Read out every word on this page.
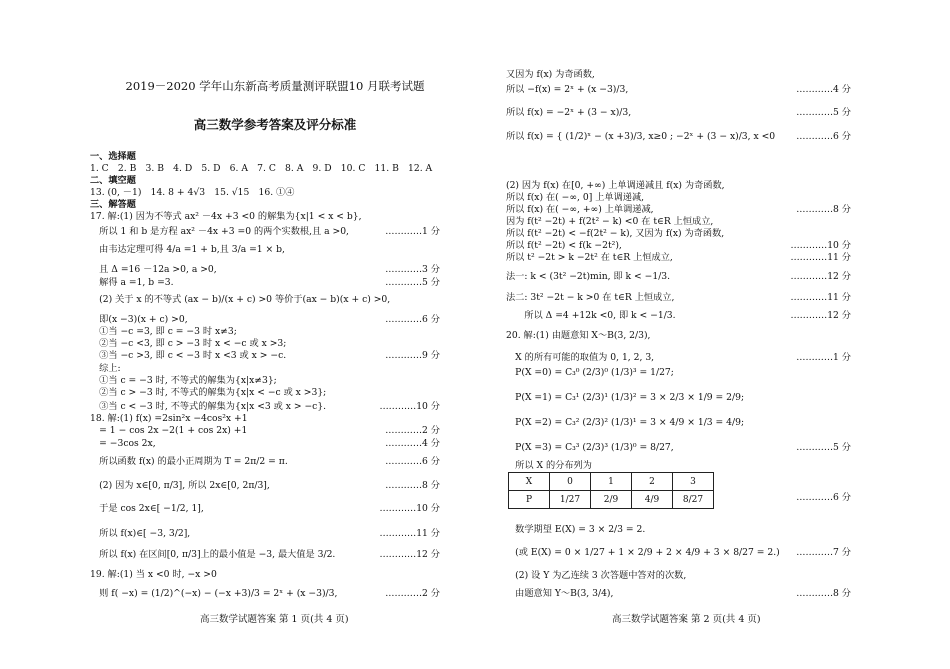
2019－2020 学年山东新高考质量测评联盟10 月联考试题
高三数学参考答案及评分标准
一、选择题
1. C　2. B　3. B　4. D　5. D　6. A　7. C　8. A　9. D　10. C　11. B　12. A
二、填空题
13. (0, －1)　14. 8 + 4√3　15. √15　16. ①④
三、解答题
17. 解:(1) 因为不等式 ax² －4x +3 <0 的解集为{x|1 < x < b},
　所以 1 和 b 是方程 ax² －4x +3 =0 的两个实数根,且 a >0,	…………1 分
　由韦达定理可得 4/a =1 + b,且 3/a =1 × b,
　且 Δ =16 －12a >0, a >0,	…………3 分
　解得 a =1, b =3.	…………5 分
　(2) 关于 x 的不等式 (ax − b)/(x + c) >0 等价于(ax − b)(x + c) >0,
　即(x −3)(x + c) >0,	…………6 分
　①当 −c =3, 即 c = −3 时 x≠3;
　②当 −c <3, 即 c > −3 时 x < −c 或 x >3;
　③当 −c >3, 即 c < −3 时 x <3 或 x > −c.	…………9 分
　综上:
　①当 c = −3 时, 不等式的解集为{x|x≠3};
　②当 c > −3 时, 不等式的解集为{x|x < −c 或 x >3};
　③当 c < −3 时, 不等式的解集为{x|x <3 或 x > −c}.	…………10 分
18. 解:(1) f(x) =2sin²x −4cos²x +1
　= 1 − cos 2x −2(1 + cos 2x) +1	…………2 分
　= −3cos 2x,	…………4 分
　所以函数 f(x) 的最小正周期为 T = 2π/2 = π.	…………6 分
　(2) 因为 x∈[0, π/3], 所以 2x∈[0, 2π/3],	…………8 分
　于是 cos 2x∈[ −1/2, 1],	…………10 分
　所以 f(x)∈[ −3, 3/2],	…………11 分
　所以 f(x) 在区间[0, π/3]上的最小值是 −3, 最大值是 3/2.	…………12 分
19. 解:(1) 当 x <0 时, −x >0
　则 f( −x) = (1/2)^(−x) − (−x +3)/3 = 2ˣ + (x −3)/3,	…………2 分
又因为 f(x) 为奇函数,
所以 −f(x) = 2ˣ + (x −3)/3,	…………4 分
所以 f(x) = −2ˣ + (3 − x)/3,	…………5 分
所以 f(x) = { (1/2)ˣ − (x +3)/3, x≥0 ; −2ˣ + (3 − x)/3, x <0 …………6 分
(2) 因为 f(x) 在[0, +∞) 上单调递减且 f(x) 为奇函数,
所以 f(x) 在( −∞, 0] 上单调递减,
所以 f(x) 在( −∞, +∞) 上单调递减,	…………8 分
因为 f(t² −2t) + f(2t² − k) <0 在 t∈R 上恒成立,
所以 f(t² −2t) < −f(2t² − k), 又因为 f(x) 为奇函数,
所以 f(t² −2t) < f(k −2t²),	…………10 分
所以 t² −2t > k −2t² 在 t∈R 上恒成立,	…………11 分
法一: k < (3t² −2t)min, 即 k < −1/3.	…………12 分
法二: 3t² −2t − k >0 在 t∈R 上恒成立,	…………11 分
　　所以 Δ =4 +12k <0, 即 k < −1/3.	…………12 分
20. 解:(1) 由题意知 X～B(3, 2/3),
　X 的所有可能的取值为 0, 1, 2, 3,	…………1 分
　P(X =0) = C₃⁰ (2/3)⁰ (1/3)³ = 1/27;
　P(X =1) = C₃¹ (2/3)¹ (1/3)² = 3 × 2/3 × 1/9 = 2/9;
　P(X =2) = C₃² (2/3)² (1/3)¹ = 3 × 4/9 × 1/3 = 4/9;
　P(X =3) = C₃³ (2/3)³ (1/3)⁰ = 8/27,	…………5 分
　所以 X 的分布列为
…………6 分
　数学期望 E(X) = 3 × 2/3 = 2.
　(或 E(X) = 0 × 1/27 + 1 × 2/9 + 2 × 4/9 + 3 × 8/27 = 2.) …………7 分
　(2) 设 Y 为乙连续 3 次答题中答对的次数,
　由题意知 Y～B(3, 3/4),	…………8 分
X	0	1	2	3
P	1/27	2/9	4/9	8/27
高三数学试题答案 第 1 页(共 4 页)	高三数学试题答案 第 2 页(共 4 页)
